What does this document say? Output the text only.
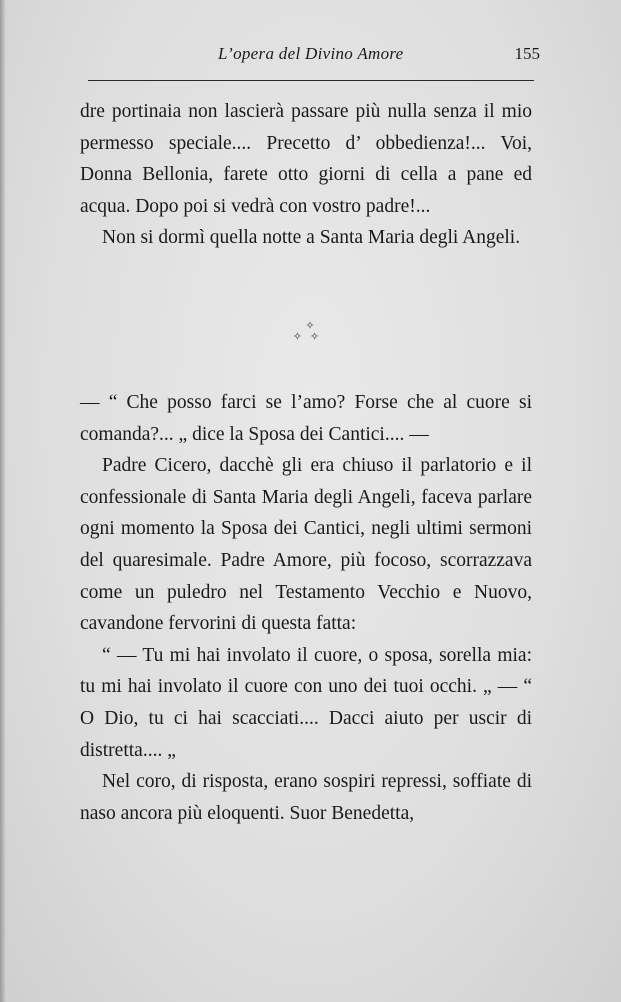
L’opera del Divino Amore	155

dre portinaia non lascierà passare più nulla senza il mio permesso speciale.... Precetto d’ obbedienza!... Voi, Donna Bellonia, farete otto giorni di cella a pane ed acqua. Dopo poi si vedrà con vostro padre!...

Non si dormì quella notte a Santa Maria degli Angeli.

✧
✧✧

— “ Che posso farci se l’amo? Forse che al cuore si comanda?... „ dice la Sposa dei Cantici.... —

Padre Cicero, dacchè gli era chiuso il parlatorio e il confessionale di Santa Maria degli Angeli, faceva parlare ogni momento la Sposa dei Cantici, negli ultimi sermoni del quaresimale. Padre Amore, più focoso, scorrazzava come un puledro nel Testamento Vecchio e Nuovo, cavandone fervorini di questa fatta:

“ — Tu mi hai involato il cuore, o sposa, sorella mia: tu mi hai involato il cuore con uno dei tuoi occhi. „ — “ O Dio, tu ci hai scacciati.... Dacci aiuto per uscir di distretta.... „

Nel coro, di risposta, erano sospiri repressi, soffiate di naso ancora più eloquenti. Suor Benedetta,
